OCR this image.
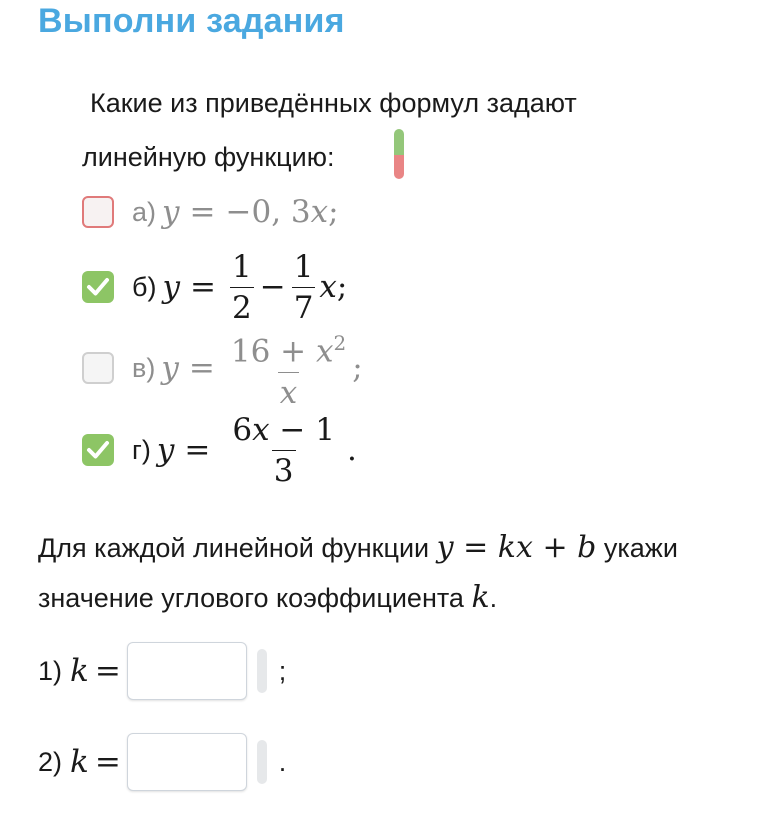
Выполни задания
Какие из приведённых формул задают
линейную функцию:
а) y = −0, 3 x ;
б) $y = \frac{1}{2} - \frac{1}{7}$ x ;
в) $y = \frac{16 + x^2}{x}$ ;
г) $y = \frac{6x - 1}{3}$ .
Для каждой линейной функции y = kx + b укажи
значение углового коэффициента k.
1) k =	;
2) k =	.
